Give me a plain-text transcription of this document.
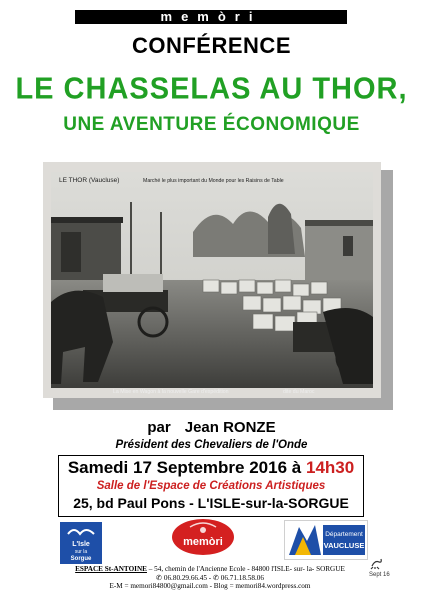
memòri
CONFÉRENCE
LE CHASSELAS AU THOR,
UNE AVENTURE ÉCONOMIQUE
LE THOR (Vaucluse)	Marché le plus important du Monde pour les Raisins de Table
La Mise en Wagon à la nouvelle Gare d'expédition	dite du Maroc
par Jean RONZE
Président des Chevaliers de l'Onde
Samedi 17 Septembre 2016 à 14h30
Salle de l'Espace de Créations Artistiques
25, bd Paul Pons - L'ISLE-sur-la-SORGUE
L'Isle
sur la
Sorgue
memòri
Département
VAUCLUSE
Sept 16
ESPACE St-ANTOINE – 54, chemin de l'Ancienne Ecole - 84800 l'ISLE- sur- la- SORGUE
✆ 06.80.29.66.45 - ✆ 06.71.18.58.06
E-M = memori84800@gmail.com - Blog = memori84.wordpress.com
